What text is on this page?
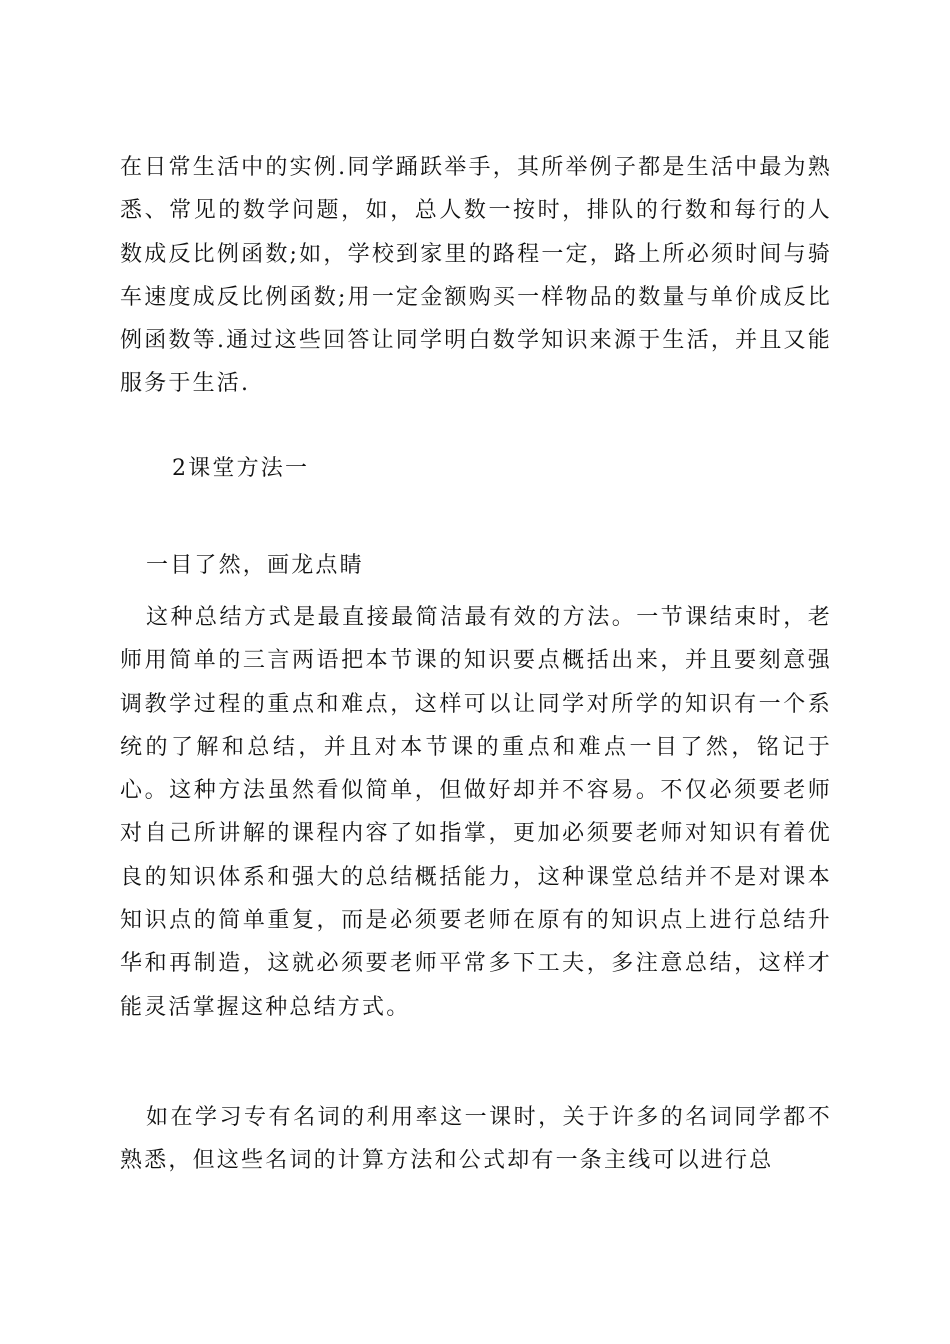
在日常生活中的实例.同学踊跃举手，其所举例子都是生活中最为熟悉、常见的数学问题，如，总人数一按时，排队的行数和每行的人数成反比例函数;如，学校到家里的路程一定，路上所必须时间与骑车速度成反比例函数;用一定金额购买一样物品的数量与单价成反比例函数等.通过这些回答让同学明白数学知识来源于生活，并且又能服务于生活.

2课堂方法一

一目了然，画龙点睛

这种总结方式是最直接最简洁最有效的方法。一节课结束时，老师用简单的三言两语把本节课的知识要点概括出来，并且要刻意强调教学过程的重点和难点，这样可以让同学对所学的知识有一个系统的了解和总结，并且对本节课的重点和难点一目了然，铭记于心。这种方法虽然看似简单，但做好却并不容易。不仅必须要老师对自己所讲解的课程内容了如指掌，更加必须要老师对知识有着优良的知识体系和强大的总结概括能力，这种课堂总结并不是对课本知识点的简单重复，而是必须要老师在原有的知识点上进行总结升华和再制造，这就必须要老师平常多下工夫，多注意总结，这样才能灵活掌握这种总结方式。

如在学习专有名词的利用率这一课时，关于许多的名词同学都不熟悉，但这些名词的计算方法和公式却有一条主线可以进行总
